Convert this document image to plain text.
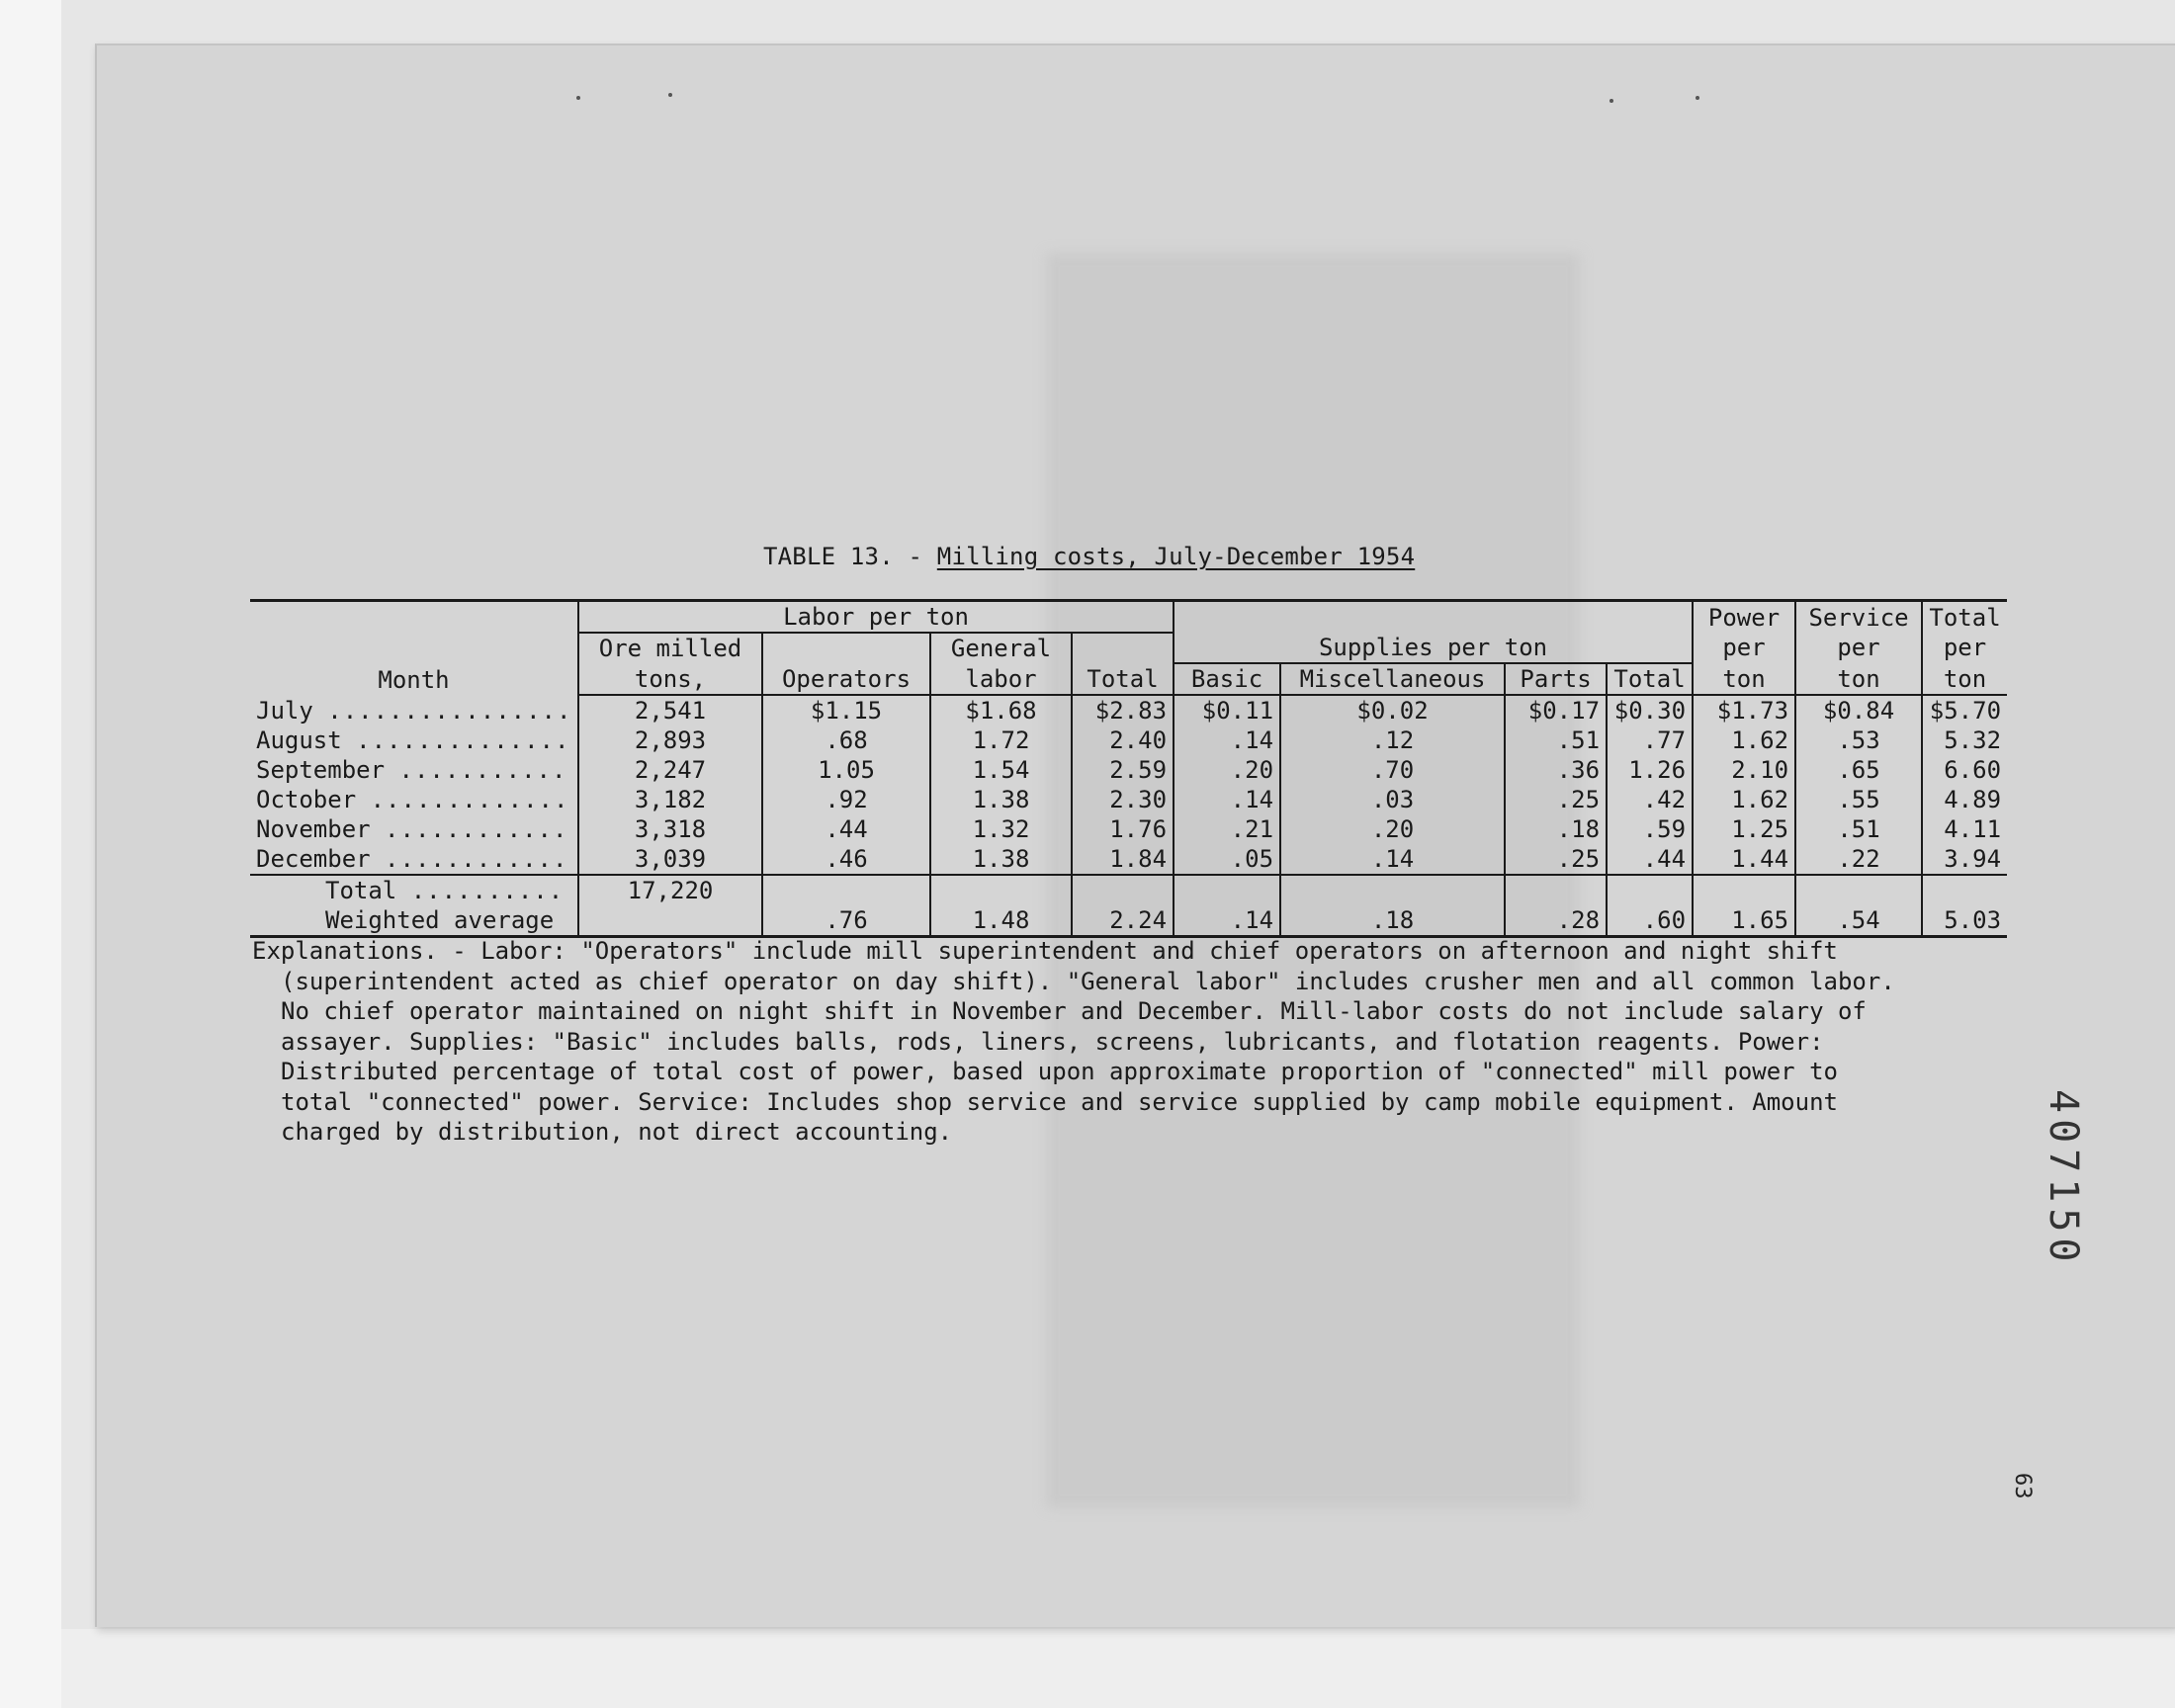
TABLE 13. - Milling costs, July-December 1954
Month	Labor per ton				Supplies per ton				Power	Service	Total
	Ore milled		General						per	per	per
	tons,	Operators	labor	Total	Basic	Miscellaneous	Parts	Total	ton	ton	ton
July ................	2,541	$1.15	$1.68	$2.83	$0.11	$0.02	$0.17	$0.30	$1.73	$0.84	$5.70
August ..............	2,893	.68	1.72	2.40	.14	.12	.51	.77	1.62	.53	5.32
September ...........	2,247	1.05	1.54	2.59	.20	.70	.36	1.26	2.10	.65	6.60
October .............	3,182	.92	1.38	2.30	.14	.03	.25	.42	1.62	.55	4.89
November ............	3,318	.44	1.32	1.76	.21	.20	.18	.59	1.25	.51	4.11
December ............	3,039	.46	1.38	1.84	.05	.14	.25	.44	1.44	.22	3.94
Total ..........	17,220										
Weighted average		.76	1.48	2.24	.14	.18	.28	.60	1.65	.54	5.03
Explanations. - Labor: "Operators" include mill superintendent and chief operators on afternoon and night shift
(superintendent acted as chief operator on day shift). "General labor" includes crusher men and all common labor.
No chief operator maintained on night shift in November and December. Mill-labor costs do not include salary of
assayer. Supplies: "Basic" includes balls, rods, liners, screens, lubricants, and flotation reagents. Power:
Distributed percentage of total cost of power, based upon approximate proportion of "connected" mill power to
total "connected" power. Service: Includes shop service and service supplied by camp mobile equipment. Amount
charged by distribution, not direct accounting.	407150
63
